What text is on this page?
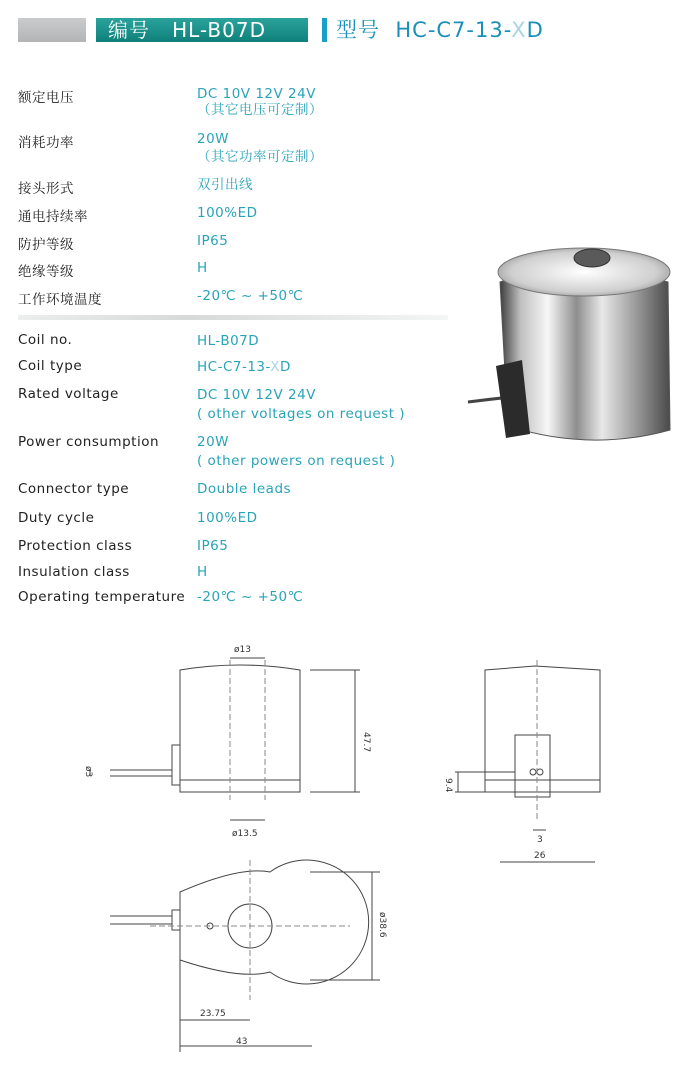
编号 HL-B07D	型号 HC-C7-13-XD
额定电压	DC 10V 12V 24V
（其它电压可定制）
消耗功率	20W
（其它功率可定制）
接头形式	双引出线
通电持续率	100%ED
防护等级	IP65
绝缘等级	H
工作环境温度	-20℃ ~ +50℃
Coil no.	HL-B07D
Coil type	HC-C7-13-XD
Rated voltage	DC 10V 12V 24V
( other voltages on request )
Power consumption	20W
( other powers on request )
Connector type	Double leads
Duty cycle	100%ED
Protection class	IP65
Insulation class	H
Operating temperature -20℃ ~ +50℃
ø13
ø13.5
47.7
ø3
9.4
3
26
ø38.6
23.75
43
